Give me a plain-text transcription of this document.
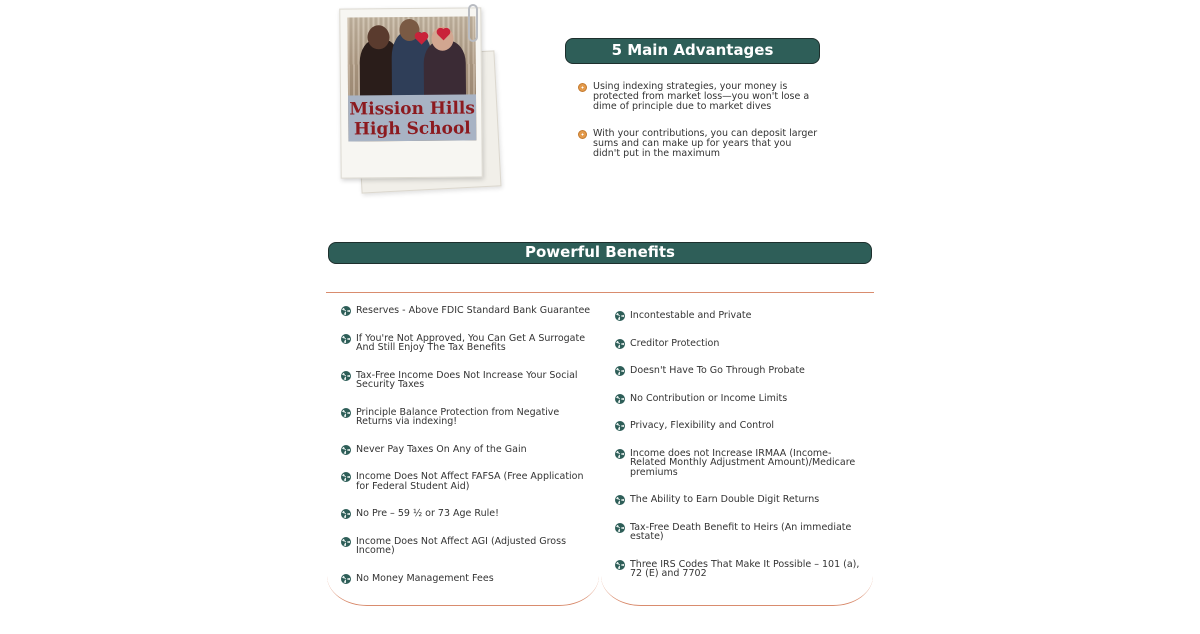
Mission Hills
High School
5 Main Advantages
Using indexing strategies, your money is protected from market loss—you won't lose a dime of principle due to market dives
With your contributions, you can deposit larger sums and can make up for years that you didn't put in the maximum
Powerful Benefits
Reserves - Above FDIC Standard Bank Guarantee
If You're Not Approved, You Can Get A Surrogate And Still Enjoy The Tax Benefits
Tax-Free Income Does Not Increase Your Social Security Taxes
Principle Balance Protection from Negative Returns via indexing!
Never Pay Taxes On Any of the Gain
Income Does Not Affect FAFSA (Free Application for Federal Student Aid)
No Pre – 59 ½ or 73 Age Rule!
Income Does Not Affect AGI (Adjusted Gross Income)
No Money Management Fees
Incontestable and Private
Creditor Protection
Doesn't Have To Go Through Probate
No Contribution or Income Limits
Privacy, Flexibility and Control
Income does not Increase IRMAA (Income-Related Monthly Adjustment Amount)/Medicare premiums
The Ability to Earn Double Digit Returns
Tax-Free Death Benefit to Heirs (An immediate estate)
Three IRS Codes That Make It Possible – 101 (a), 72 (E) and 7702
